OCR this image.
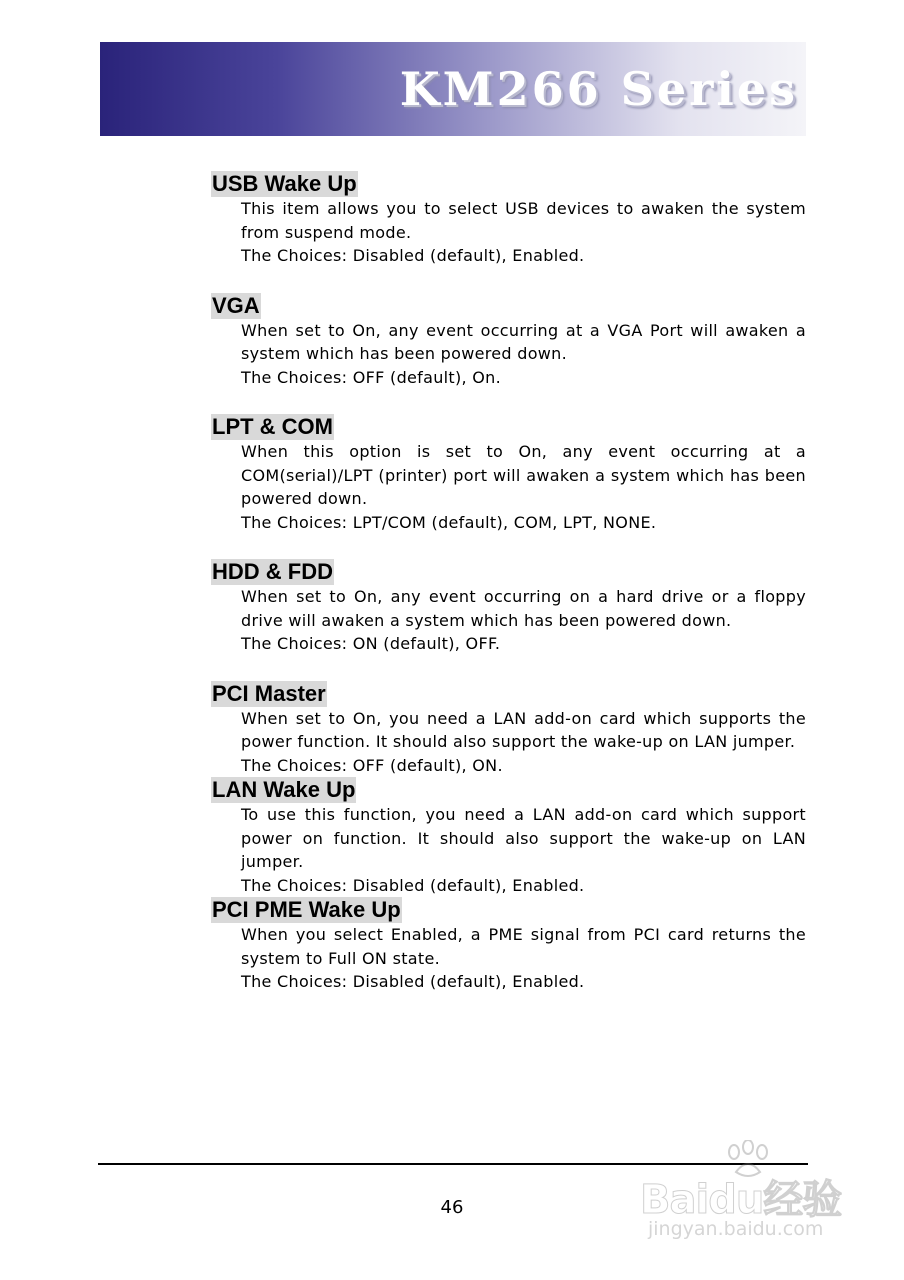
KM266 Series
USB Wake Up

This item allows you to select USB devices to awaken the system from suspend mode.

The Choices: Disabled (default), Enabled.

VGA

When set to On, any event occurring at a VGA Port will awaken a system which has been powered down.

The Choices: OFF (default), On.

LPT & COM

When this option is set to On, any event occurring at a COM(serial)/LPT (printer) port will awaken a system which has been powered down.

The Choices: LPT/COM (default), COM, LPT, NONE.

HDD & FDD

When set to On, any event occurring on a hard drive or a floppy drive will awaken a system which has been powered down.

The Choices: ON (default), OFF.

PCI Master

When set to On, you need a LAN add-on card which supports the power function. It should also support the wake-up on LAN jumper.

The Choices: OFF (default), ON.

LAN Wake Up

To use this function, you need a LAN add-on card which support power on function. It should also support the wake-up on LAN jumper.

The Choices: Disabled (default), Enabled.

PCI PME Wake Up

When you select Enabled, a PME signal from PCI card returns the system to Full ON state.

The Choices: Disabled (default), Enabled.

46	Baidu经验
jingyan.baidu.com
